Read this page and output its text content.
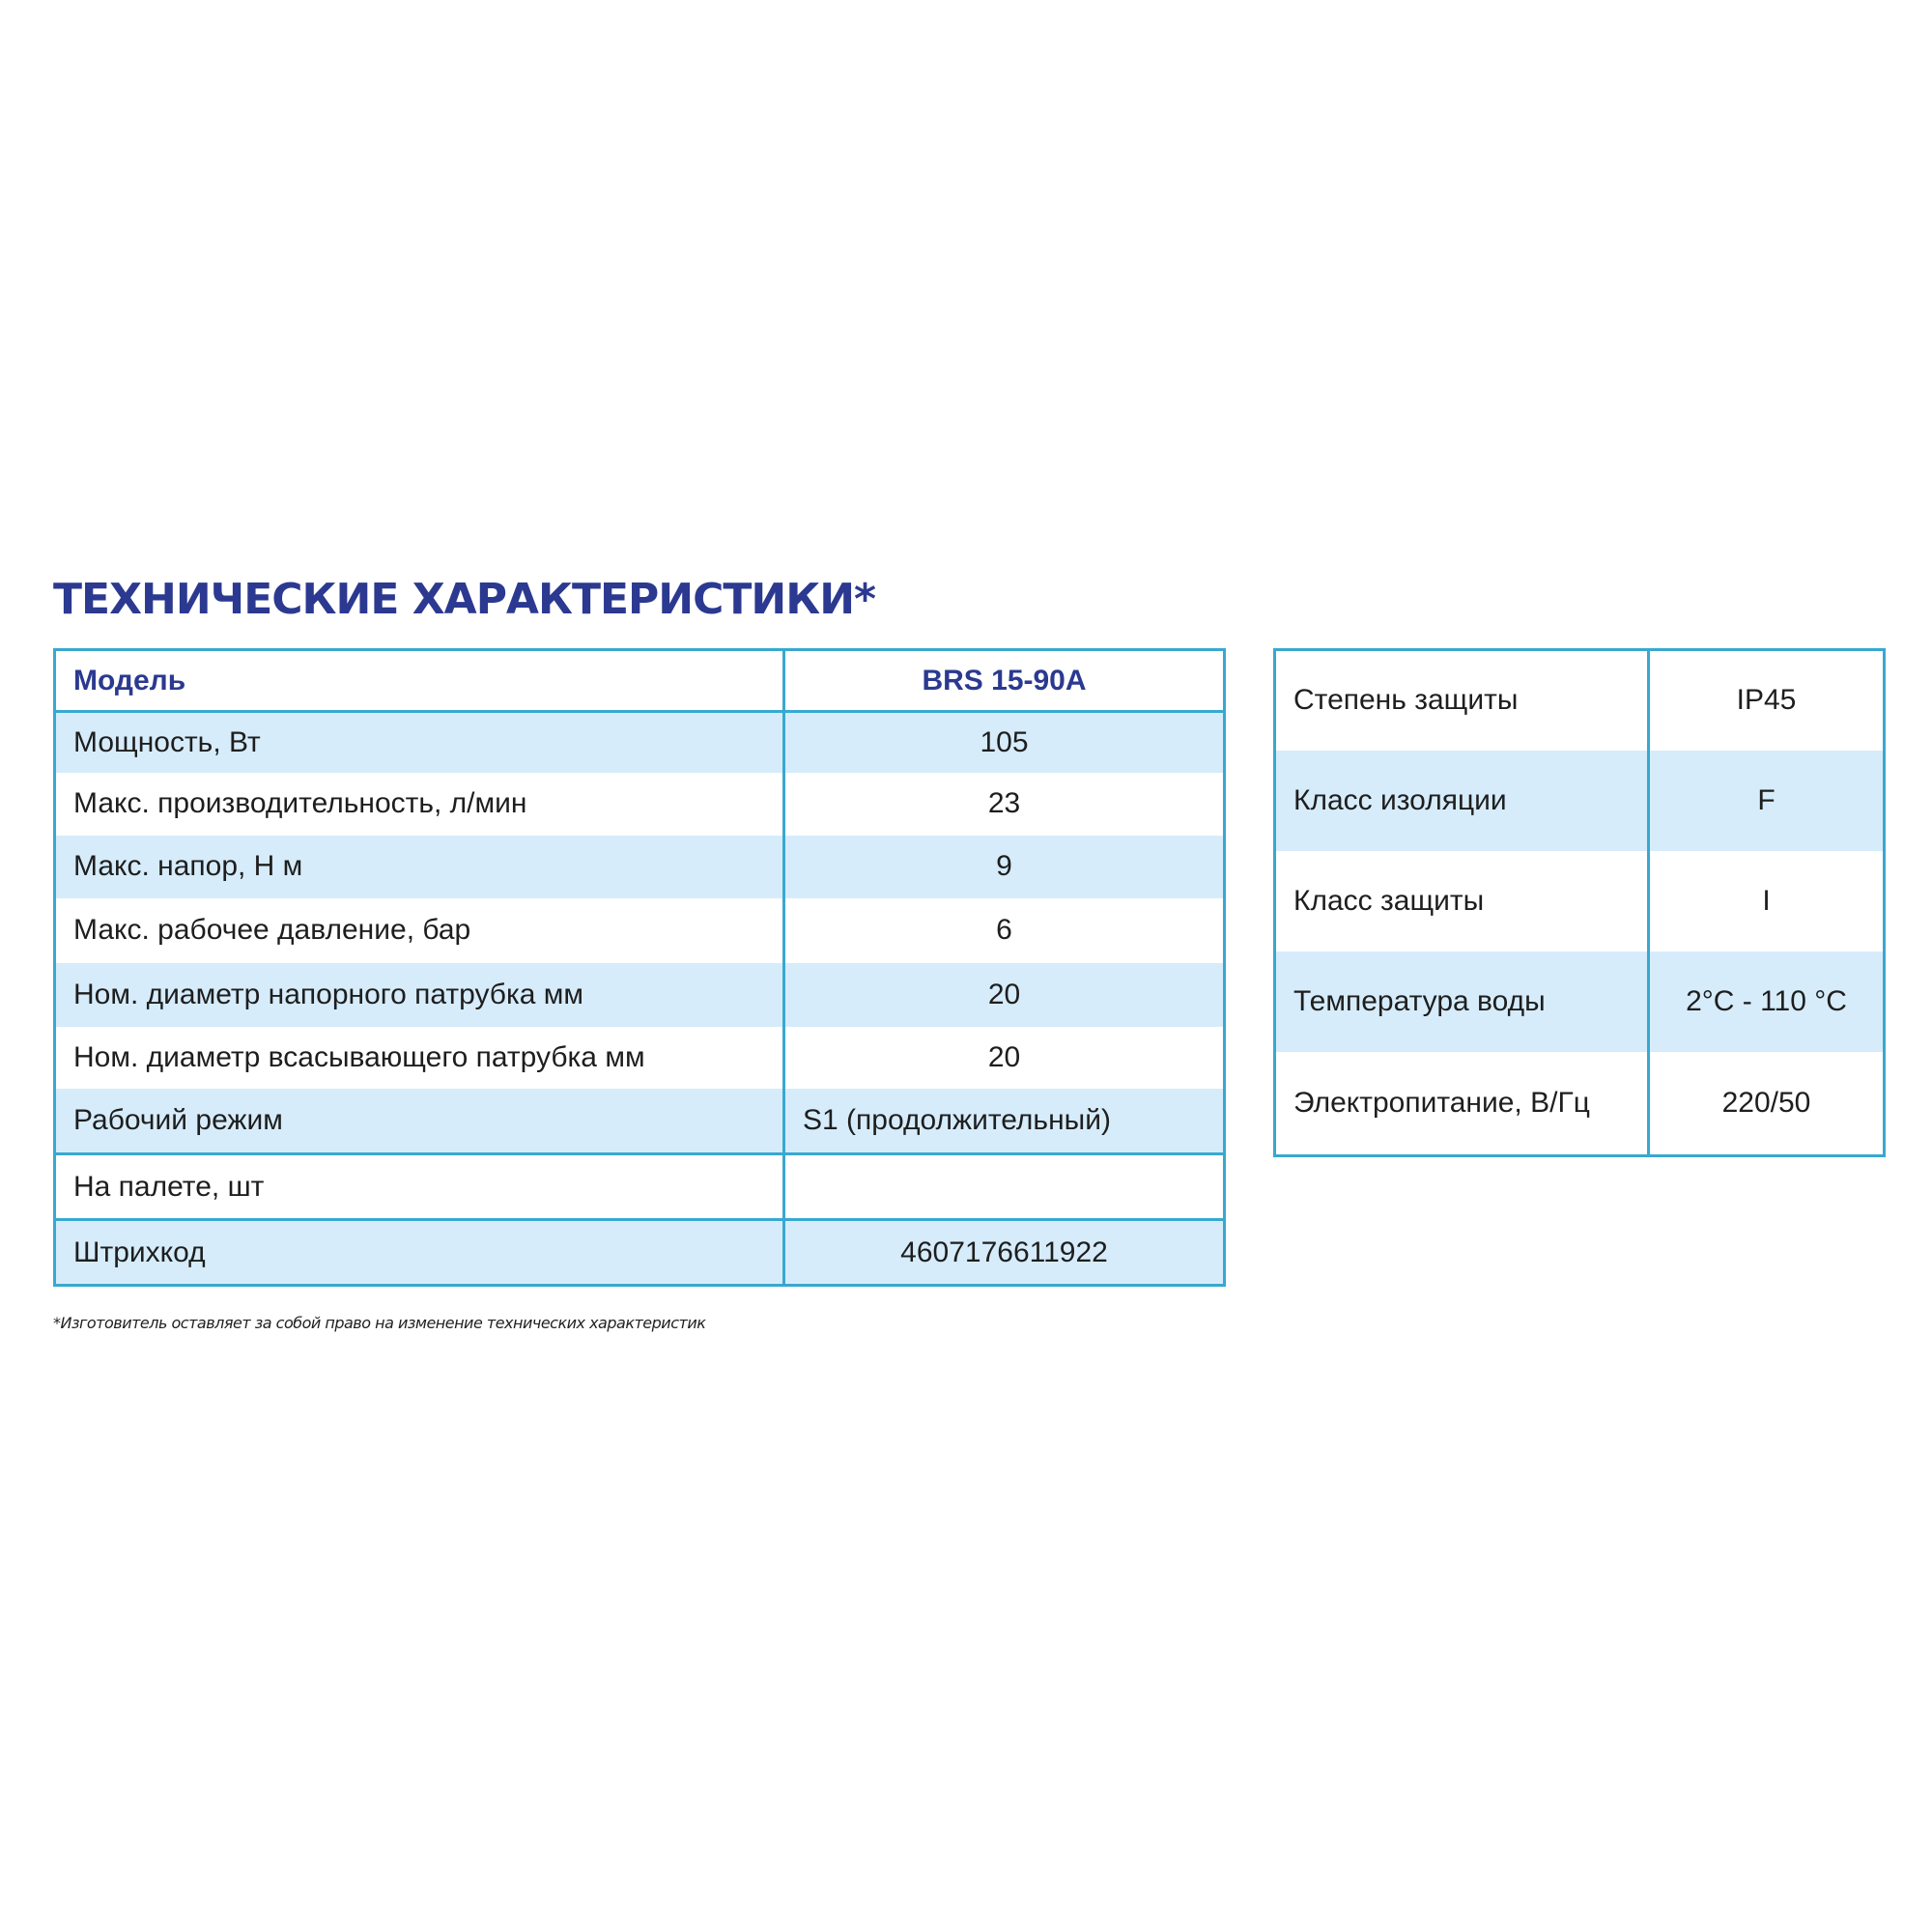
ТЕХНИЧЕСКИЕ ХАРАКТЕРИСТИКИ*
Модель	BRS 15-90A
Мощность, Вт	105
Макс. производительность, л/мин	23
Макс. напор, Н м	9
Макс. рабочее давление, бар	6
Ном. диаметр напорного патрубка мм	20
Ном. диаметр всасывающего патрубка мм	20
Рабочий режим	S1 (продолжительный)
На палете, шт	
Штрихкод	4607176611922
Степень защиты	IP45
Класс изоляции	F
Класс защиты	I
Температура воды	2°C - 110 °C
Электропитание, В/Гц	220/50

*Изготовитель оставляет за собой право на изменение технических характеристик
